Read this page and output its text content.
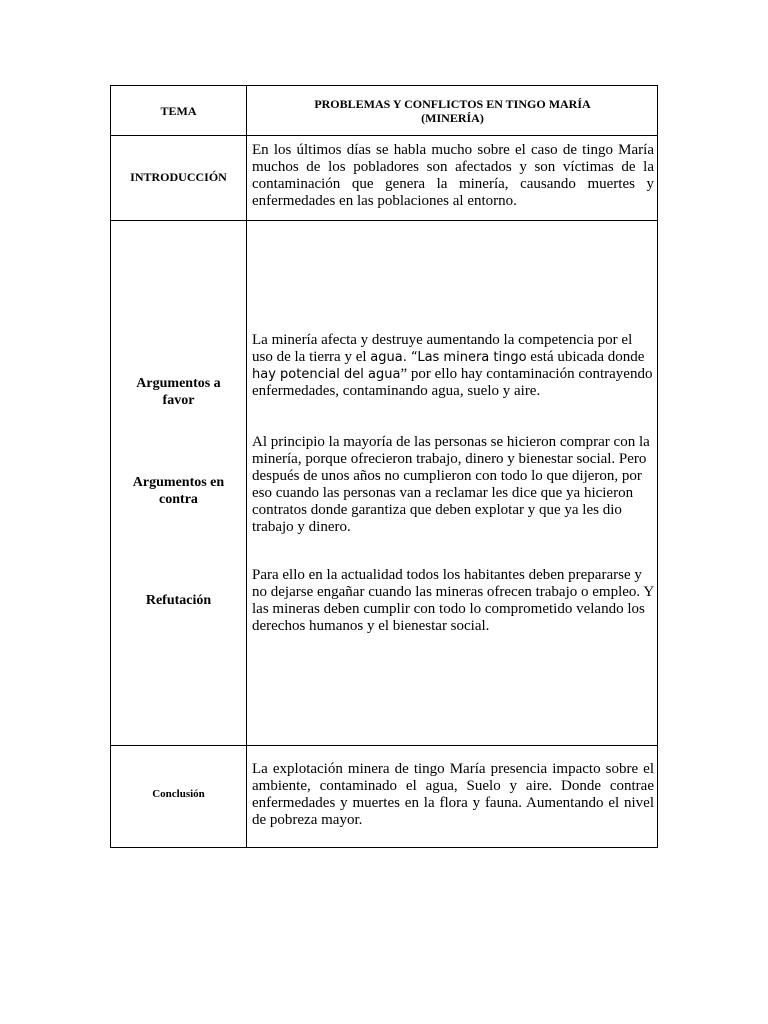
TEMA	PROBLEMAS Y CONFLICTOS EN TINGO MARÍA
(MINERÍA)
INTRODUCCIÓN
En los últimos días se habla mucho sobre el caso de tingo María muchos de los pobladores son afectados y son víctimas de la contaminación que genera la minería, causando muertes y enfermedades en las poblaciones al entorno.
Argumentos a
favor
Argumentos en
contra
Refutación
La minería afecta y destruye aumentando la competencia por el uso de la tierra y el agua. “Las minera tingo está ubicada donde hay potencial del agua” por ello hay contaminación contrayendo enfermedades, contaminando agua, suelo y aire.
Al principio la mayoría de las personas se hicieron comprar con la minería, porque ofrecieron trabajo, dinero y bienestar social. Pero después de unos años no cumplieron con todo lo que dijeron, por eso cuando las personas van a reclamar les dice que ya hicieron contratos donde garantiza que deben explotar y que ya les dio trabajo y dinero.
Para ello en la actualidad todos los habitantes deben prepararse y no dejarse engañar cuando las mineras ofrecen trabajo o empleo. Y las mineras deben cumplir con todo lo comprometido velando los derechos humanos y el bienestar social.
Conclusión
La explotación minera de tingo María presencia impacto sobre el ambiente, contaminado el agua, Suelo y aire. Donde contrae enfermedades y muertes en la flora y fauna. Aumentando el nivel de pobreza mayor.
